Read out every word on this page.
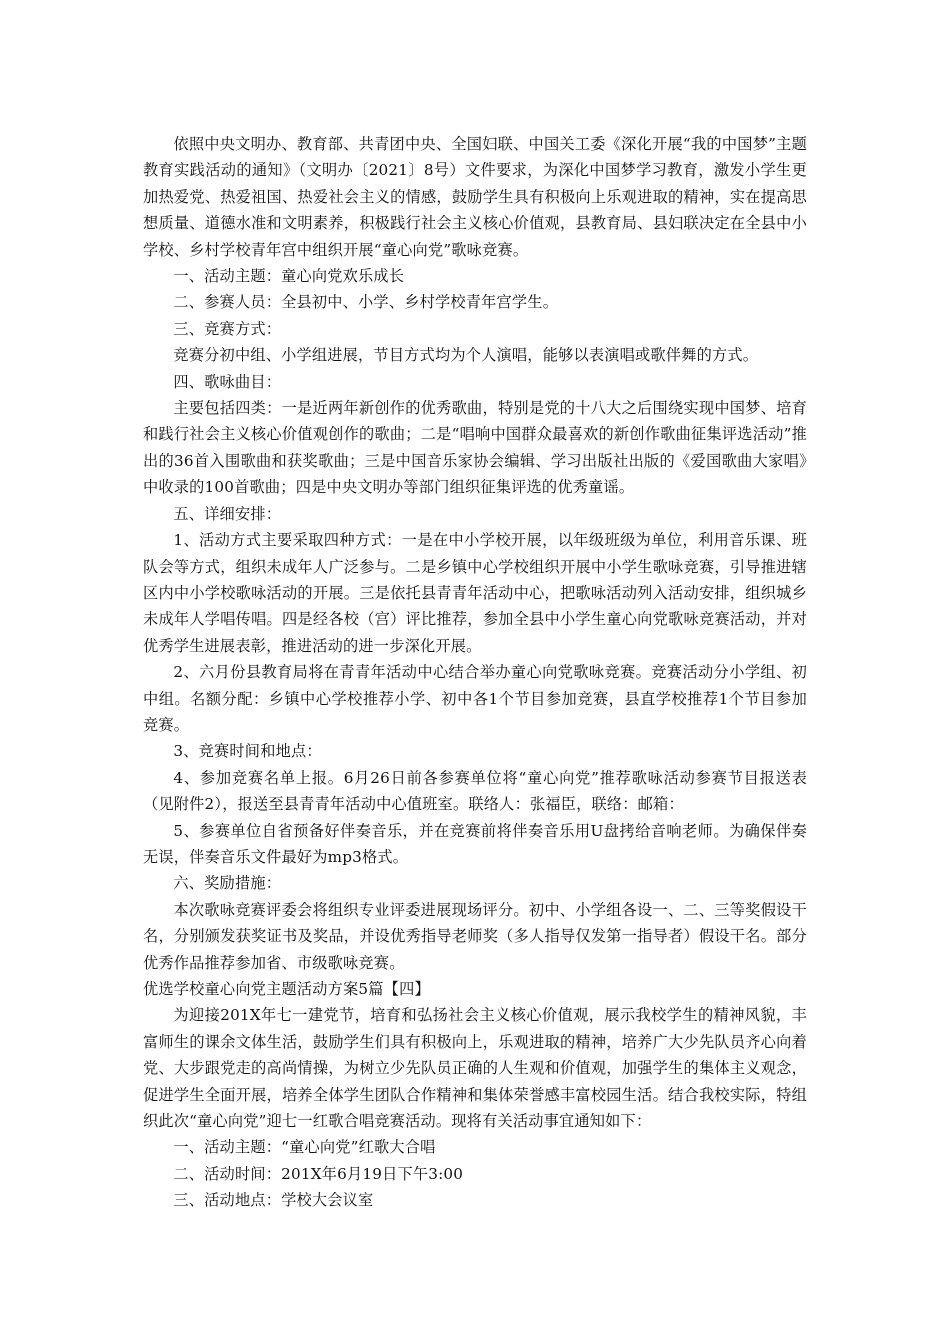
依照中央文明办、教育部、共青团中央、全国妇联、中国关工委《深化开展“我的中国梦”主题教育实践活动的通知》（文明办〔2021〕8号）文件要求，为深化中国梦学习教育，激发小学生更加热爱党、热爱祖国、热爱社会主义的情感，鼓励学生具有积极向上乐观进取的精神，实在提高思想质量、道德水准和文明素养，积极践行社会主义核心价值观，县教育局、县妇联决定在全县中小学校、乡村学校青年宫中组织开展“童心向党”歌咏竞赛。

一、活动主题：童心向党欢乐成长

二、参赛人员：全县初中、小学、乡村学校青年宫学生。

三、竞赛方式：

竞赛分初中组、小学组进展，节目方式均为个人演唱，能够以表演唱或歌伴舞的方式。

四、歌咏曲目：

主要包括四类：一是近两年新创作的优秀歌曲，特别是党的十八大之后围绕实现中国梦、培育和践行社会主义核心价值观创作的歌曲；二是“唱响中国群众最喜欢的新创作歌曲征集评选活动”推出的36首入围歌曲和获奖歌曲；三是中国音乐家协会编辑、学习出版社出版的《爱国歌曲大家唱》中收录的100首歌曲；四是中央文明办等部门组织征集评选的优秀童谣。

五、详细安排：

1、活动方式主要采取四种方式：一是在中小学校开展，以年级班级为单位，利用音乐课、班队会等方式，组织未成年人广泛参与。二是乡镇中心学校组织开展中小学生歌咏竞赛，引导推进辖区内中小学校歌咏活动的开展。三是依托县青青年活动中心，把歌咏活动列入活动安排，组织城乡未成年人学唱传唱。四是经各校（宫）评比推荐，参加全县中小学生童心向党歌咏竞赛活动，并对优秀学生进展表彰，推进活动的进一步深化开展。

2、六月份县教育局将在青青年活动中心结合举办童心向党歌咏竞赛。竞赛活动分小学组、初中组。名额分配：乡镇中心学校推荐小学、初中各1个节目参加竞赛，县直学校推荐1个节目参加竞赛。

3、竞赛时间和地点：

4、参加竞赛名单上报。6月26日前各参赛单位将“童心向党”推荐歌咏活动参赛节目报送表（见附件2），报送至县青青年活动中心值班室。联络人：张福臣，联络：邮箱：

5、参赛单位自省预备好伴奏音乐，并在竞赛前将伴奏音乐用U盘拷给音响老师。为确保伴奏无误，伴奏音乐文件最好为mp3格式。

六、奖励措施：

本次歌咏竞赛评委会将组织专业评委进展现场评分。初中、小学组各设一、二、三等奖假设干名，分别颁发获奖证书及奖品，并设优秀指导老师奖（多人指导仅发第一指导者）假设干名。部分优秀作品推荐参加省、市级歌咏竞赛。

优选学校童心向党主题活动方案5篇【四】

为迎接201X年七一建党节，培育和弘扬社会主义核心价值观，展示我校学生的精神风貌，丰富师生的课余文体生活，鼓励学生们具有积极向上，乐观进取的精神，培养广大少先队员齐心向着党、大步跟党走的高尚情操，为树立少先队员正确的人生观和价值观，加强学生的集体主义观念，促进学生全面开展，培养全体学生团队合作精神和集体荣誉感丰富校园生活。结合我校实际，特组织此次“童心向党”迎七一红歌合唱竞赛活动。现将有关活动事宜通知如下：

一、活动主题：“童心向党”红歌大合唱

二、活动时间：201X年6月19日下午3:00

三、活动地点：学校大会议室
